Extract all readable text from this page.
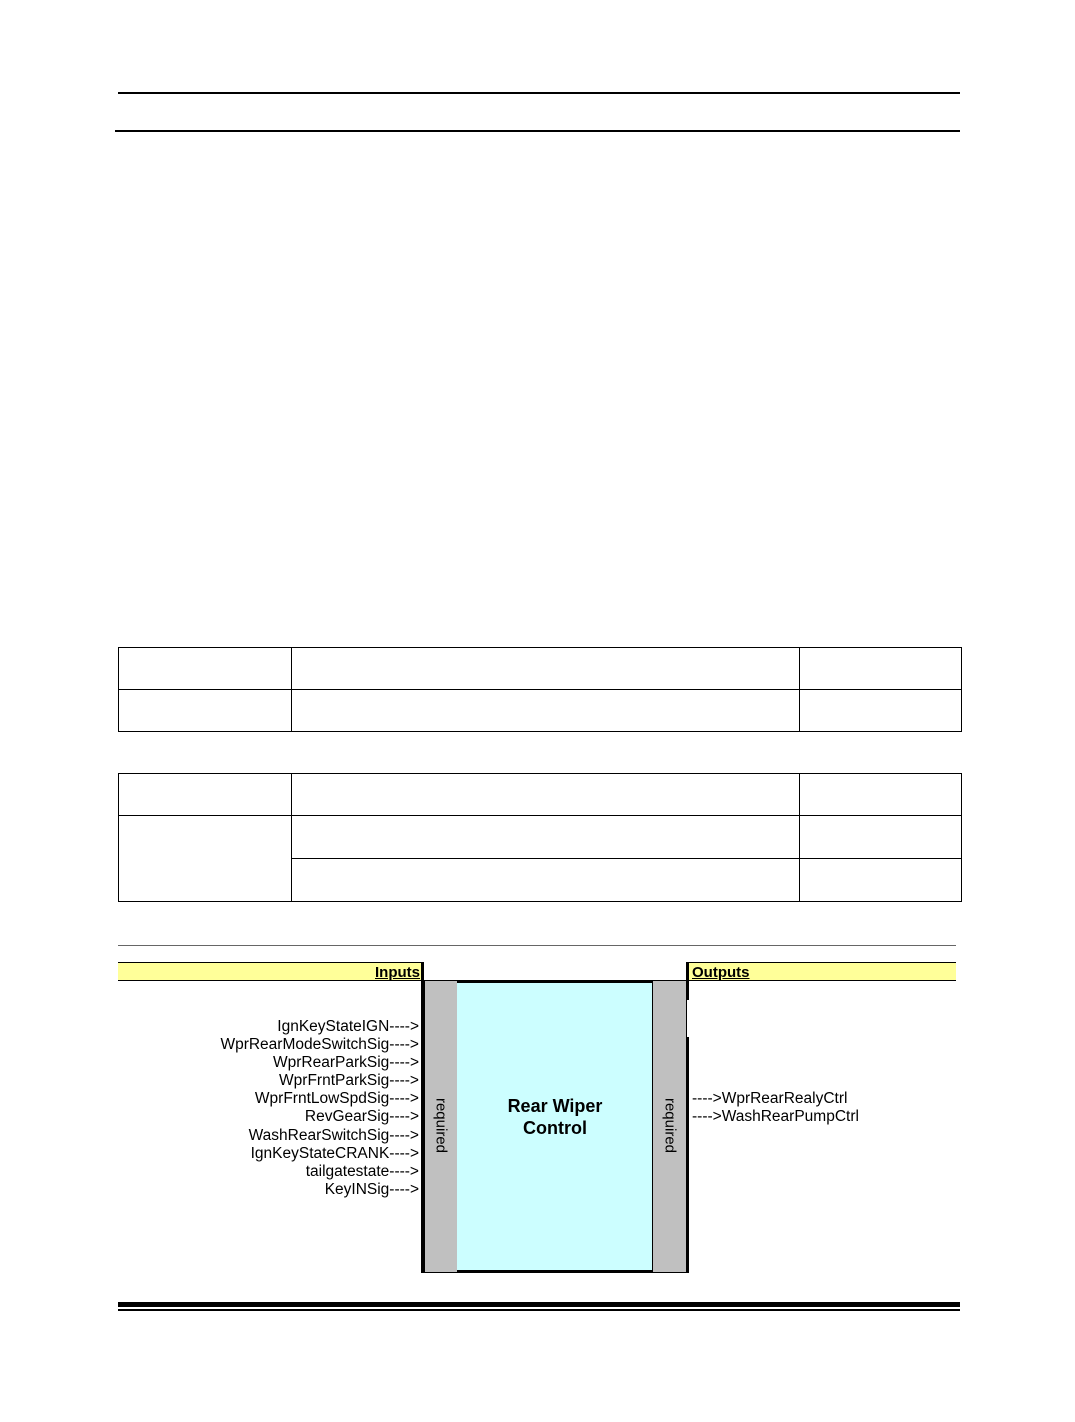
Inputs	Outputs
required	Rear Wiper
Control	required
IgnKeyStateIGN---->
WprRearModeSwitchSig---->
WprRearParkSig---->
WprFrntParkSig---->
WprFrntLowSpdSig---->
RevGearSig---->
WashRearSwitchSig---->
IgnKeyStateCRANK---->
tailgatestate---->
KeyINSig---->
---->WprRearRealyCtrl
---->WashRearPumpCtrl
